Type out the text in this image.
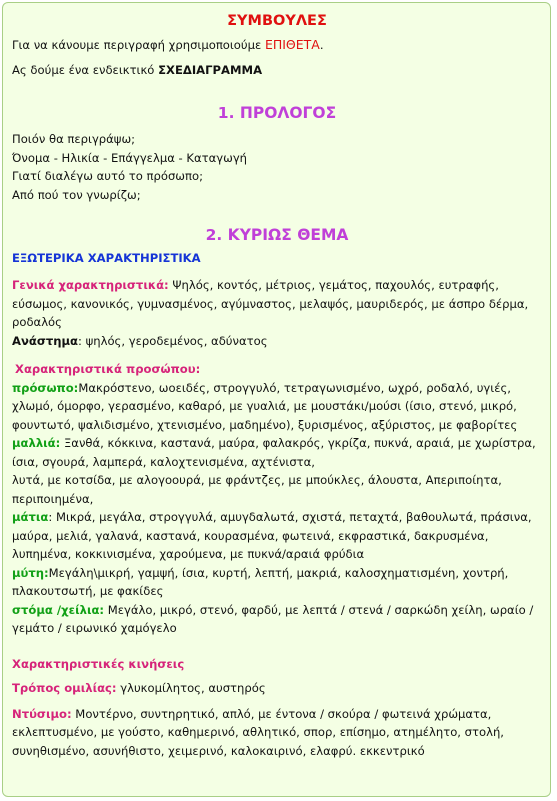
ΣΥΜΒΟΥΛΕΣ

Για να κάνουμε περιγραφή χρησιμοποιούμε ΕΠΙΘΕΤΑ.

Ας δούμε ένα ενδεικτικό ΣΧΕΔΙΑΓΡΑΜΜΑ

1. ΠΡΟΛΟΓΟΣ

Ποιόν θα περιγράψω;

Όνομα - Ηλικία - Επάγγελμα - Καταγωγή

Γιατί διαλέγω αυτό το πρόσωπο;

Από πού τον γνωρίζω;

2. ΚΥΡΙΩΣ ΘΕΜΑ

ΕΞΩΤΕΡΙΚΑ ΧΑΡΑΚΤΗΡΙΣΤΙΚΑ

Γενικά χαρακτηριστικά: Ψηλός, κοντός, μέτριος, γεμάτος, παχουλός, ευτραφής, εύσωμος, κανονικός, γυμνασμένος, αγύμναστος, μελαψός, μαυριδερός, με άσπρο δέρμα, ροδαλός

Ανάστημα: ψηλός, γεροδεμένος, αδύνατος

Χαρακτηριστικά προσώπου:

πρόσωπο:Μακρόστενο, ωοειδές, στρογγυλό, τετραγωνισμένο, ωχρό, ροδαλό, υγιές, χλωμό, όμορφο, γερασμένο, καθαρό, με γυαλιά, με μουστάκι/μούσι (ίσιο, στενό, μικρό, φουντωτό, ψαλιδισμένο, χτενισμένο, μαδημένο), ξυρισμένος, αξύριστος, με φαβορίτες

μαλλιά: Ξανθά, κόκκινα, καστανά, μαύρα, φαλακρός, γκρίζα, πυκνά, αραιά, με χωρίστρα, ίσια, σγουρά, λαμπερά, καλοχτενισμένα, αχτένιστα,

λυτά, με κοτσίδα, με αλογοουρά, με φράντζες, με μπούκλες, άλουστα, Απεριποίητα, περιποιημένα,

μάτια: Μικρά, μεγάλα, στρογγυλά, αμυγδαλωτά, σχιστά, πεταχτά, βαθουλωτά, πράσινα, μαύρα, μελιά, γαλανά, καστανά, κουρασμένα, φωτεινά, εκφραστικά, δακρυσμένα, λυπημένα, κοκκινισμένα, χαρούμενα, με πυκνά/αραιά φρύδια

μύτη:Μεγάλη\μικρή, γαμψή, ίσια, κυρτή, λεπτή, μακριά, καλοσχηματισμένη, χοντρή, πλακουτσωτή, με φακίδες

στόμα /χείλια: Μεγάλο, μικρό, στενό, φαρδύ, με λεπτά / στενά / σαρκώδη χείλη, ωραίο / γεμάτο / ειρωνικό χαμόγελο

Χαρακτηριστικές κινήσεις

Τρόπος ομιλίας: γλυκομίλητος, αυστηρός

Ντύσιμο: Μοντέρνο, συντηρητικό, απλό, με έντονα / σκούρα / φωτεινά χρώματα, εκλεπτυσμένο, με γούστο, καθημερινό, αθλητικό, σπορ, επίσημο, ατημέλητο, στολή, συνηθισμένο, ασυνήθιστο, χειμερινό, καλοκαιρινό, ελαφρύ. εκκεντρικό
